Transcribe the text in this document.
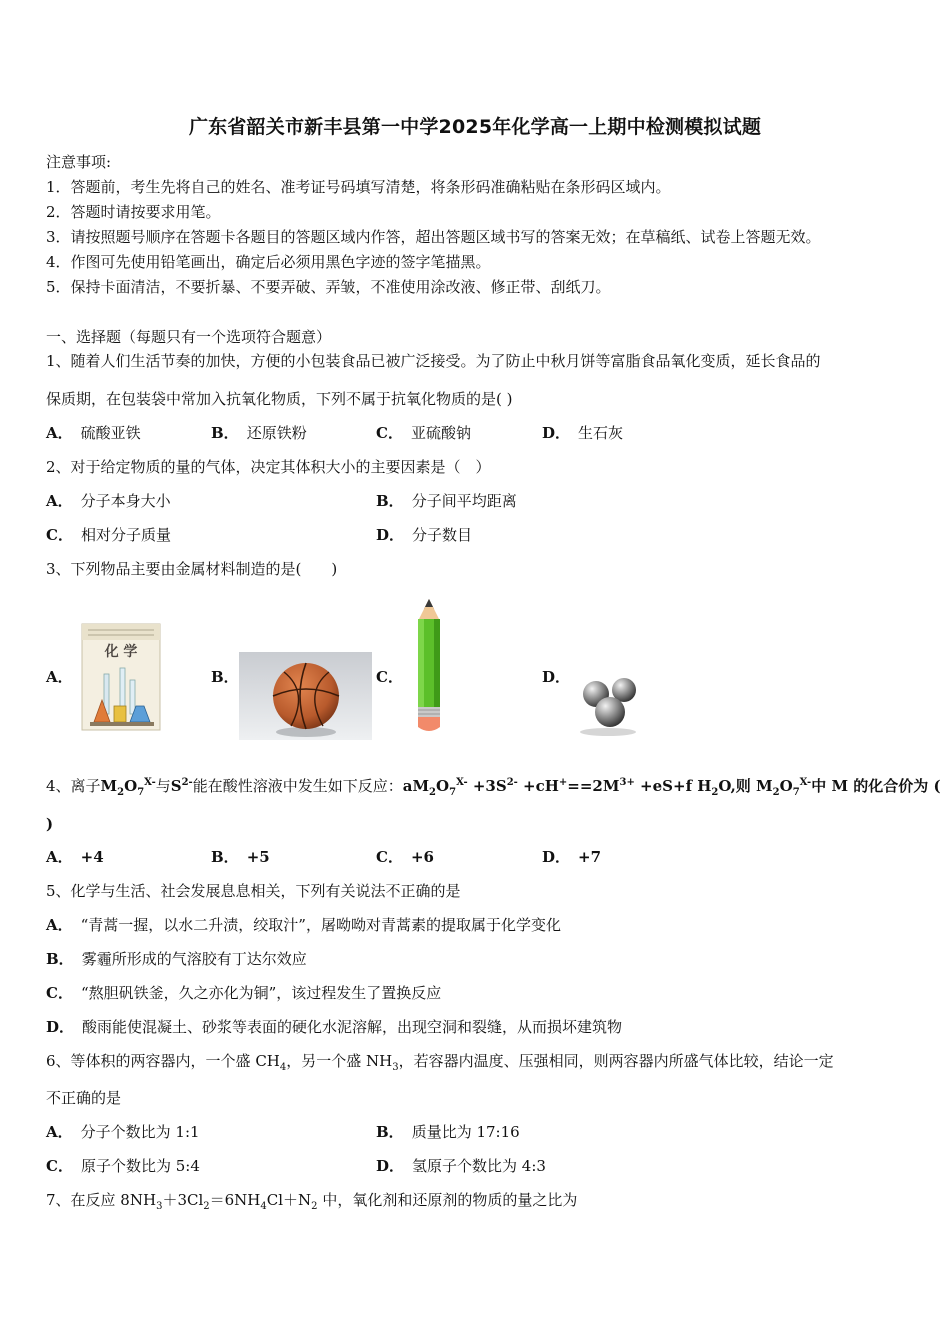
广东省韶关市新丰县第一中学2025年化学高一上期中检测模拟试题
注意事项:
1．答题前，考生先将自己的姓名、准考证号码填写清楚，将条形码准确粘贴在条形码区域内。
2．答题时请按要求用笔。
3．请按照题号顺序在答题卡各题目的答题区域内作答，超出答题区域书写的答案无效；在草稿纸、试卷上答题无效。
4．作图可先使用铅笔画出，确定后必须用黑色字迹的签字笔描黑。
5．保持卡面清洁，不要折暴、不要弄破、弄皱，不准使用涂改液、修正带、刮纸刀。
一、选择题（每题只有一个选项符合题意）
1、随着人们生活节奏的加快，方便的小包装食品已被广泛接受。为了防止中秋月饼等富脂食品氧化变质，延长食品的
保质期，在包装袋中常加入抗氧化物质，下列不属于抗氧化物质的是( )
A． 硫酸亚铁	B． 还原铁粉	C． 亚硫酸钠	D． 生石灰
2、对于给定物质的量的气体，决定其体积大小的主要因素是（　）
A． 分子本身大小	B． 分子间平均距离
C． 相对分子质量	D． 分子数目
3、下列物品主要由金属材料制造的是(　　)
A．
化 学
B．	C．	D．
4、离子$M_2O_7^{X-}$与$S^{2-}$能在酸性溶液中发生如下反应：$aM_2O_7^{X-} +3S^{2-} +cH^+==2M^{3+} +eS+f$ $H_2O$,则 $M_2O_7^{X-}$中 M 的化合价为 (
)
A． +4	B． +5	C． +6	D． +7
5、化学与生活、社会发展息息相关，下列有关说法不正确的是
A． “青蒿一握，以水二升渍，绞取汁”，屠呦呦对青蒿素的提取属于化学变化
B． 雾霾所形成的气溶胶有丁达尔效应
C． “熬胆矾铁釜，久之亦化为铜”，该过程发生了置换反应
D． 酸雨能使混凝土、砂浆等表面的硬化水泥溶解，出现空洞和裂缝，从而损坏建筑物
6、等体积的两容器内，一个盛 $CH_4$，另一个盛 $NH_3$，若容器内温度、压强相同，则两容器内所盛气体比较，结论一定
不正确的是
A． 分子个数比为 1:1	B． 质量比为 17:16
C． 原子个数比为 5:4	D． 氢原子个数比为 4:3
7、在反应 $8NH_3+3Cl_2=6NH_4Cl+N_2$ 中，氧化剂和还原剂的物质的量之比为
